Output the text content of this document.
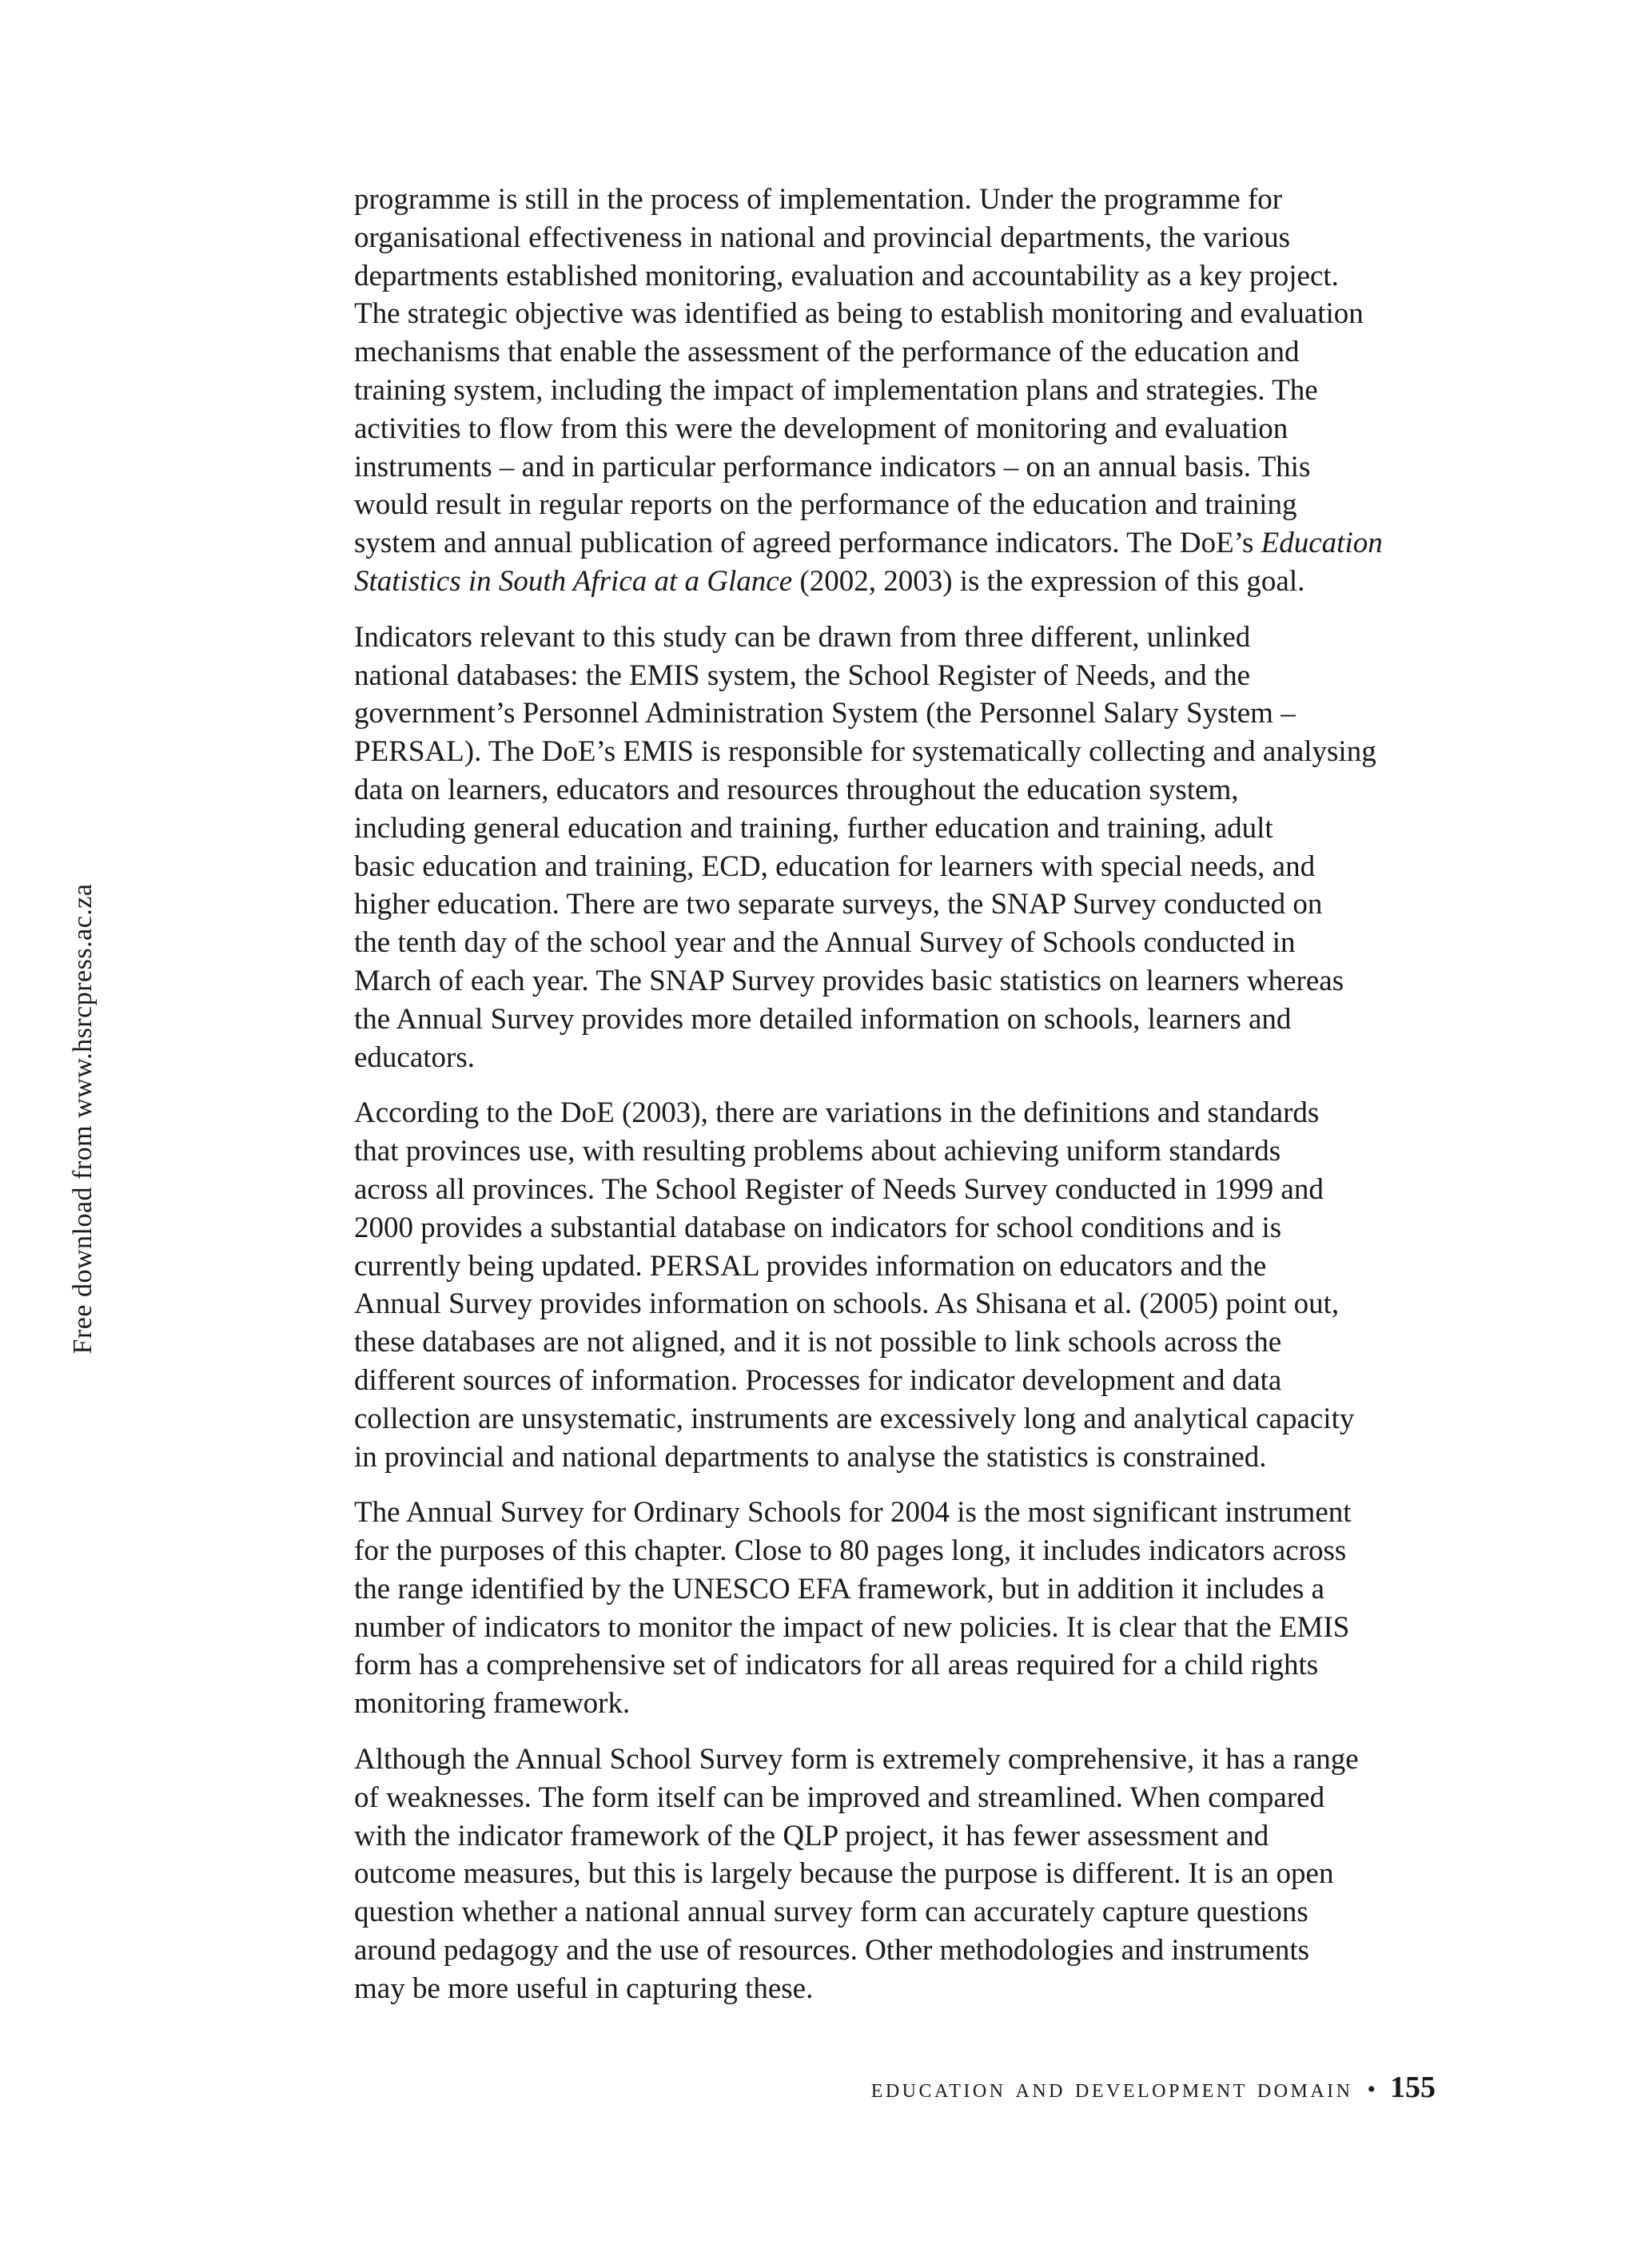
Free download from www.hsrcpress.ac.za

programme is still in the process of implementation. Under the programme for
organisational effectiveness in national and provincial departments, the various
departments established monitoring, evaluation and accountability as a key project.
The strategic objective was identified as being to establish monitoring and evaluation
mechanisms that enable the assessment of the performance of the education and
training system, including the impact of implementation plans and strategies. The
activities to flow from this were the development of monitoring and evaluation
instruments – and in particular performance indicators – on an annual basis. This
would result in regular reports on the performance of the education and training
system and annual publication of agreed performance indicators. The DoE’s Education
Statistics in South Africa at a Glance (2002, 2003) is the expression of this goal.

Indicators relevant to this study can be drawn from three different, unlinked
national databases: the EMIS system, the School Register of Needs, and the
government’s Personnel Administration System (the Personnel Salary System –
PERSAL). The DoE’s EMIS is responsible for systematically collecting and analysing
data on learners, educators and resources throughout the education system,
including general education and training, further education and training, adult
basic education and training, ECD, education for learners with special needs, and
higher education. There are two separate surveys, the SNAP Survey conducted on
the tenth day of the school year and the Annual Survey of Schools conducted in
March of each year. The SNAP Survey provides basic statistics on learners whereas
the Annual Survey provides more detailed information on schools, learners and
educators.

According to the DoE (2003), there are variations in the definitions and standards
that provinces use, with resulting problems about achieving uniform standards
across all provinces. The School Register of Needs Survey conducted in 1999 and
2000 provides a substantial database on indicators for school conditions and is
currently being updated. PERSAL provides information on educators and the
Annual Survey provides information on schools. As Shisana et al. (2005) point out,
these databases are not aligned, and it is not possible to link schools across the
different sources of information. Processes for indicator development and data
collection are unsystematic, instruments are excessively long and analytical capacity
in provincial and national departments to analyse the statistics is constrained.

The Annual Survey for Ordinary Schools for 2004 is the most significant instrument
for the purposes of this chapter. Close to 80 pages long, it includes indicators across
the range identified by the UNESCO EFA framework, but in addition it includes a
number of indicators to monitor the impact of new policies. It is clear that the EMIS
form has a comprehensive set of indicators for all areas required for a child rights
monitoring framework.

Although the Annual School Survey form is extremely comprehensive, it has a range
of weaknesses. The form itself can be improved and streamlined. When compared
with the indicator framework of the QLP project, it has fewer assessment and
outcome measures, but this is largely because the purpose is different. It is an open
question whether a national annual survey form can accurately capture questions
around pedagogy and the use of resources. Other methodologies and instruments
may be more useful in capturing these.

education and development domain • 155
